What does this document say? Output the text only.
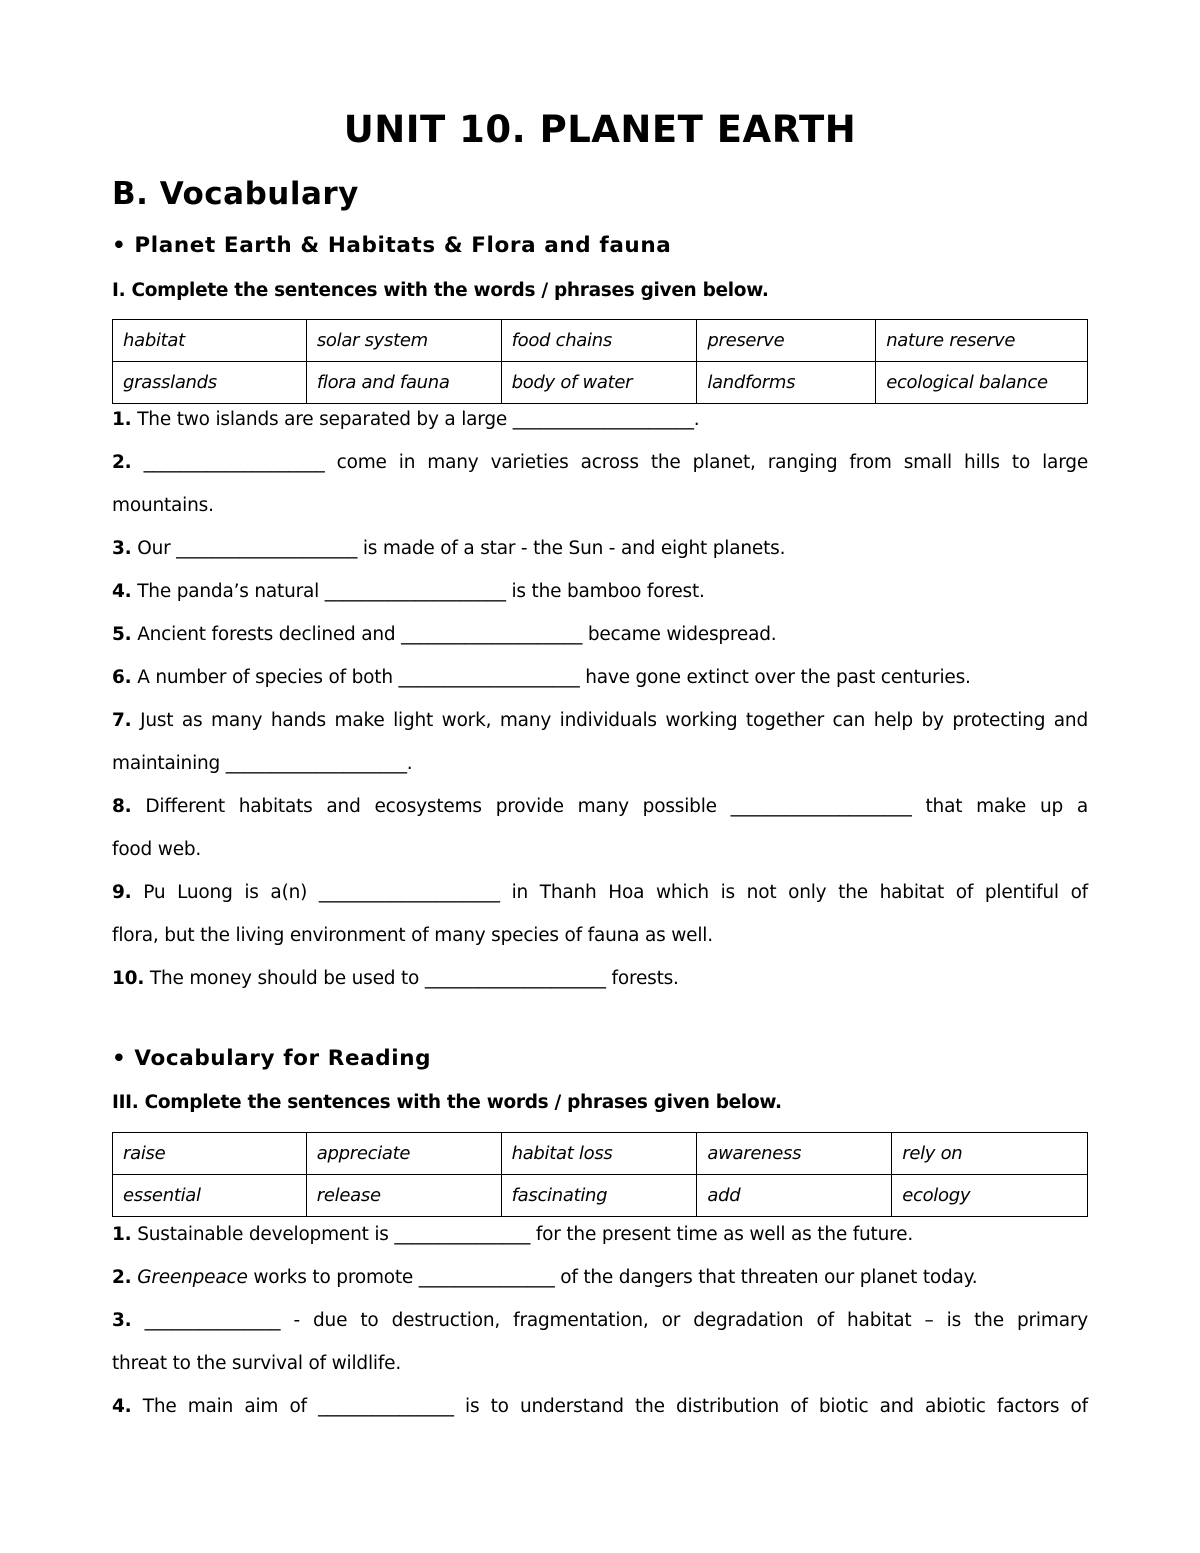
UNIT 10. PLANET EARTH
B. Vocabulary
• Planet Earth & Habitats & Flora and fauna
I. Complete the sentences with the words / phrases given below.
habitat	solar system	food chains	preserve	nature reserve
grasslands	flora and fauna	body of water	landforms	ecological balance
1. The two islands are separated by a large ____________________.
2. ____________________ come in many varieties across the planet, ranging from small hills to large
mountains.
3. Our ____________________ is made of a star - the Sun - and eight planets.
4. The panda’s natural ____________________ is the bamboo forest.
5. Ancient forests declined and ____________________ became widespread.
6. A number of species of both ____________________ have gone extinct over the past centuries.
7. Just as many hands make light work, many individuals working together can help by protecting and
maintaining ____________________.
8. Different habitats and ecosystems provide many possible ____________________ that make up a
food web.
9. Pu Luong is a(n) ____________________ in Thanh Hoa which is not only the habitat of plentiful of
flora, but the living environment of many species of fauna as well.
10. The money should be used to ____________________ forests.
• Vocabulary for Reading
III. Complete the sentences with the words / phrases given below.
raise	appreciate	habitat loss	awareness	rely on
essential	release	fascinating	add	ecology
1. Sustainable development is _______________ for the present time as well as the future.
2. Greenpeace works to promote _______________ of the dangers that threaten our planet today.
3. _______________ - due to destruction, fragmentation, or degradation of habitat – is the primary
threat to the survival of wildlife.
4. The main aim of _______________ is to understand the distribution of biotic and abiotic factors of
